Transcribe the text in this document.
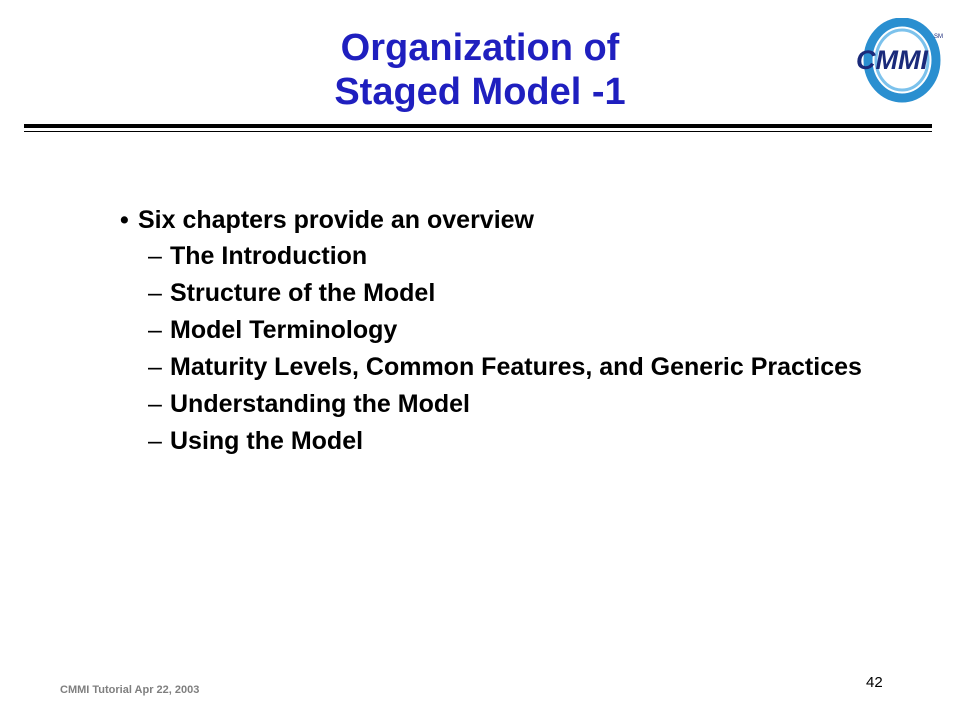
Organization of
Staged Model -1
CMMI
SM
• Six chapters provide an overview
– The Introduction
– Structure of the Model
– Model Terminology
– Maturity Levels, Common Features, and Generic Practices
– Understanding the Model
– Using the Model
CMMI Tutorial Apr 22, 2003	42
